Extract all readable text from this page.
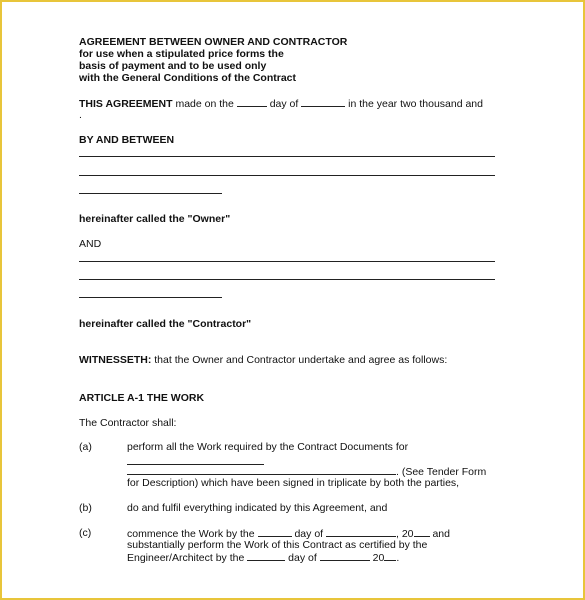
AGREEMENT BETWEEN OWNER AND CONTRACTOR
for use when a stipulated price forms the
basis of payment and to be used only
with the General Conditions of the Contract
THIS AGREEMENT made on the	day of	in the year two thousand and
.
BY AND BETWEEN
hereinafter called the "Owner"
AND
hereinafter called the "Contractor"
WITNESSETH: that the Owner and Contractor undertake and agree as follows:
ARTICLE A-1 THE WORK
The Contractor shall:
(a)	perform all the Work required by the Contract Documents for
. (See Tender Form
for Description) which have been signed in triplicate by both the parties,
(b)	do and fulfil everything indicated by this Agreement, and
(c)	commence the Work by the	day of	, 20 and
substantially perform the Work of this Contract as certified by the
Engineer/Architect by the	day of	20 .
